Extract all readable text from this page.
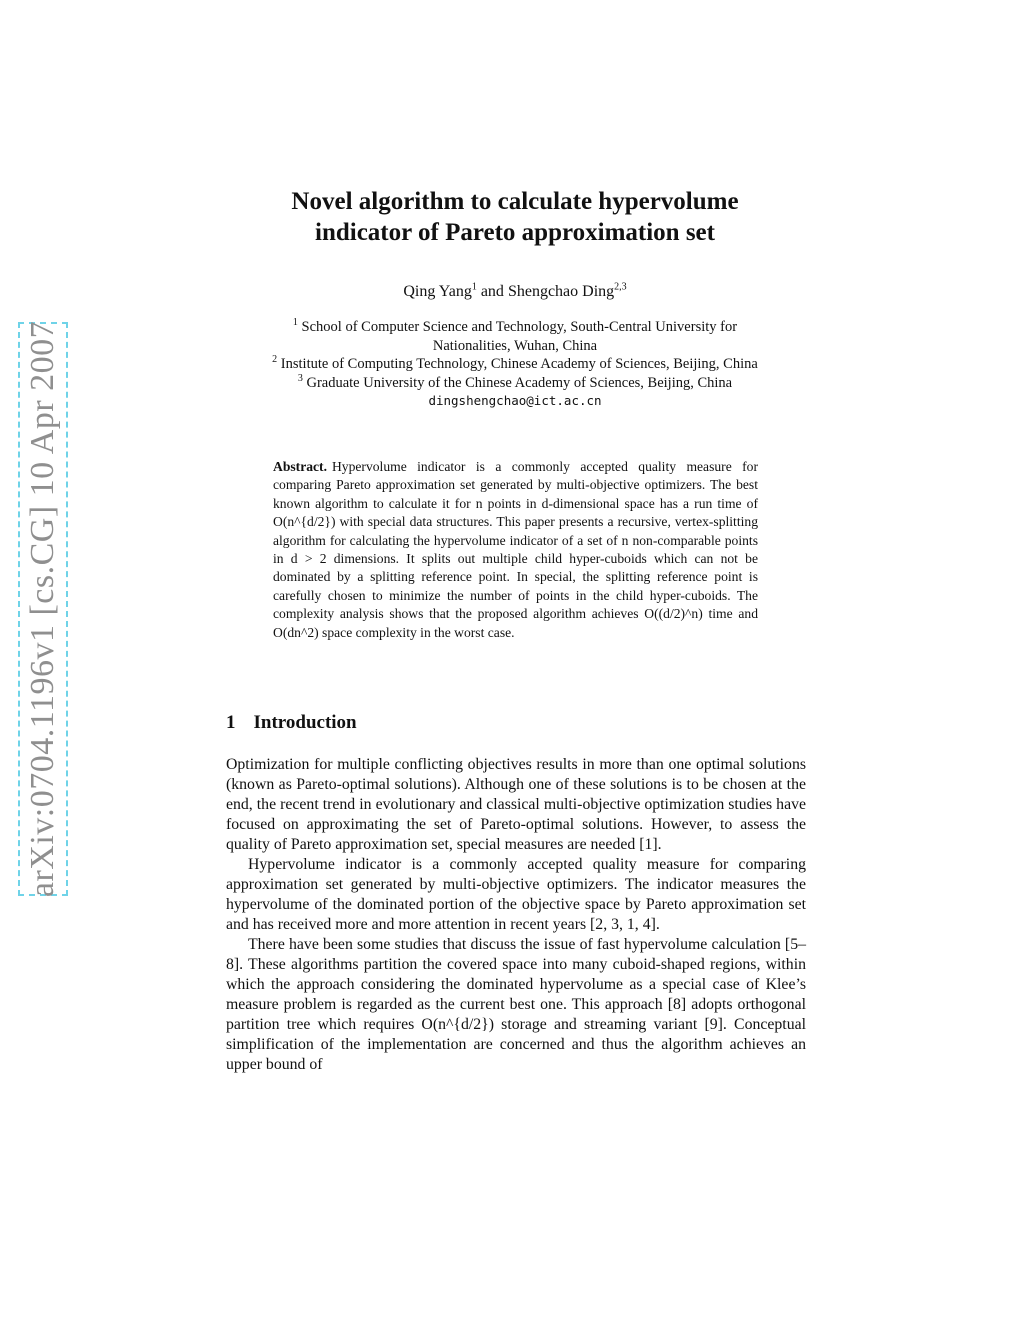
arXiv:0704.1196v1 [cs.CG] 10 Apr 2007
Novel algorithm to calculate hypervolume
indicator of Pareto approximation set
Qing Yang$^1$ and Shengchao Ding$^{2,3}$
$^1$ School of Computer Science and Technology, South-Central University for
Nationalities, Wuhan, China
$^2$ Institute of Computing Technology, Chinese Academy of Sciences, Beijing, China
$^3$ Graduate University of the Chinese Academy of Sciences, Beijing, China
dingshengchao@ict.ac.cn
Abstract. Hypervolume indicator is a commonly accepted quality measure for comparing Pareto approximation set generated by multi-objective optimizers. The best known algorithm to calculate it for n points in d-dimensional space has a run time of O(n^{d/2}) with special data structures. This paper presents a recursive, vertex-splitting algorithm for calculating the hypervolume indicator of a set of n non-comparable points in d > 2 dimensions. It splits out multiple child hyper-cuboids which can not be dominated by a splitting reference point. In special, the splitting reference point is carefully chosen to minimize the number of points in the child hyper-cuboids. The complexity analysis shows that the proposed algorithm achieves O((d/2)^n) time and O(dn^2) space complexity in the worst case.
1 Introduction

Optimization for multiple conflicting objectives results in more than one optimal solutions (known as Pareto-optimal solutions). Although one of these solutions is to be chosen at the end, the recent trend in evolutionary and classical multi-objective optimization studies have focused on approximating the set of Pareto-optimal solutions. However, to assess the quality of Pareto approximation set, special measures are needed [1].

Hypervolume indicator is a commonly accepted quality measure for comparing approximation set generated by multi-objective optimizers. The indicator measures the hypervolume of the dominated portion of the objective space by Pareto approximation set and has received more and more attention in recent years [2, 3, 1, 4].

There have been some studies that discuss the issue of fast hypervolume calculation [5–8]. These algorithms partition the covered space into many cuboid-shaped regions, within which the approach considering the dominated hypervolume as a special case of Klee’s measure problem is regarded as the current best one. This approach [8] adopts orthogonal partition tree which requires O(n^{d/2}) storage and streaming variant [9]. Conceptual simplification of the implementation are concerned and thus the algorithm achieves an upper bound of
